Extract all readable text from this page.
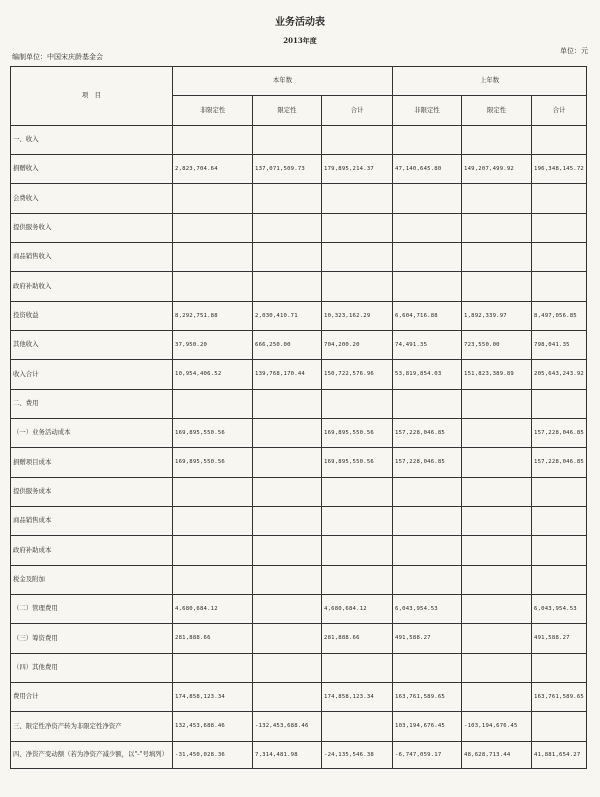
业务活动表
2013年度
编制单位：中国宋庆龄基金会
单位：元
项　目	本年数			上年数		
	非限定性	限定性	合计	非限定性	限定性	合计
一、收入						
捐赠收入	2,823,704.64	137,071,509.73	179,895,214.37	47,140,645.80	149,207,499.92	196,348,145.72
会费收入						
提供服务收入						
商品销售收入						
政府补助收入						
投资收益	8,292,751.88	2,030,410.71	10,323,162.29	6,604,716.88	1,892,339.97	8,497,056.85
其他收入	37,950.20	666,250.00	704,200.20	74,491.35	723,550.00	798,041.35
收入合计	10,954,406.52	139,768,170.44	150,722,576.96	53,819,854.03	151,823,389.89	205,643,243.92
二、费用						
（一）业务活动成本	169,895,550.56		169,895,550.56	157,228,046.85		157,228,046.85
捐赠项目成本	169,895,550.56		169,895,550.56	157,228,046.85		157,228,046.85
提供服务成本						
商品销售成本						
政府补助成本						
税金及附加						
（二）管理费用	4,680,684.12		4,680,684.12	6,043,954.53		6,043,954.53
（三）筹资费用	281,888.66		281,888.66	491,588.27		491,588.27
（四）其他费用						
费用合计	174,858,123.34		174,858,123.34	163,761,589.65		163,761,589.65
三、限定性净资产转为非限定性净资产	132,453,688.46	-132,453,688.46		103,194,676.45	-103,194,676.45	
四、净资产变动额（若为净资产减少额，以"-"号填列）	-31,450,028.36	7,314,481.98	-24,135,546.38	-6,747,059.17	48,628,713.44	41,881,654.27
